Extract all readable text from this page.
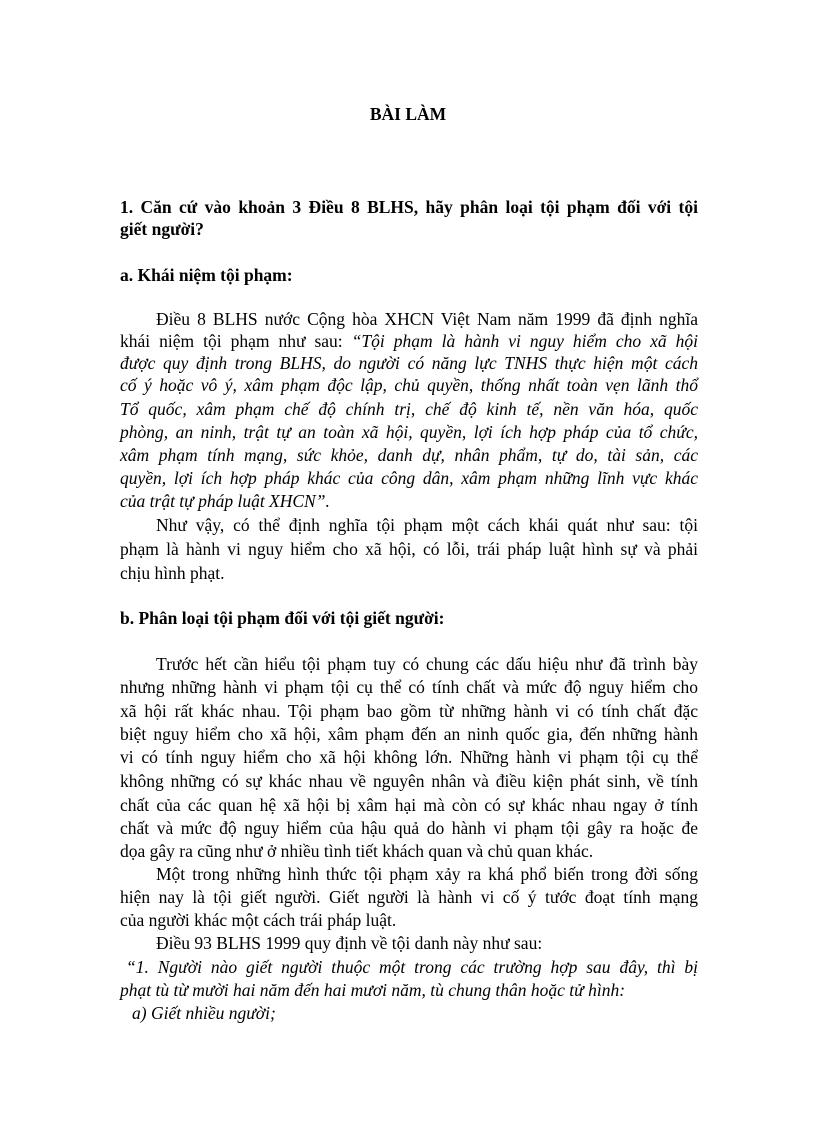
BÀI LÀM
1. Căn cứ vào khoản 3 Điều 8 BLHS, hãy phân loại tội phạm đối với tội
giết người?
a. Khái niệm tội phạm:
Điều 8 BLHS nước Cộng hòa XHCN Việt Nam năm 1999 đã định nghĩa
khái niệm tội phạm như sau: “Tội phạm là hành vi nguy hiểm cho xã hội
được quy định trong BLHS, do người có năng lực TNHS thực hiện một cách
cố ý hoặc vô ý, xâm phạm độc lập, chủ quyền, thống nhất toàn vẹn lãnh thổ
Tổ quốc, xâm phạm chế độ chính trị, chế độ kinh tế, nền văn hóa, quốc
phòng, an ninh, trật tự an toàn xã hội, quyền, lợi ích hợp pháp của tổ chức,
xâm phạm tính mạng, sức khỏe, danh dự, nhân phẩm, tự do, tài sản, các
quyền, lợi ích hợp pháp khác của công dân, xâm phạm những lĩnh vực khác
của trật tự pháp luật XHCN”.
Như vậy, có thể định nghĩa tội phạm một cách khái quát như sau: tội
phạm là hành vi nguy hiểm cho xã hội, có lỗi, trái pháp luật hình sự và phải
chịu hình phạt.
b. Phân loại tội phạm đối với tội giết người:
Trước hết cần hiểu tội phạm tuy có chung các dấu hiệu như đã trình bày
nhưng những hành vi phạm tội cụ thể có tính chất và mức độ nguy hiểm cho
xã hội rất khác nhau. Tội phạm bao gồm từ những hành vi có tính chất đặc
biệt nguy hiểm cho xã hội, xâm phạm đến an ninh quốc gia, đến những hành
vi có tính nguy hiểm cho xã hội không lớn. Những hành vi phạm tội cụ thể
không những có sự khác nhau về nguyên nhân và điều kiện phát sinh, về tính
chất của các quan hệ xã hội bị xâm hại mà còn có sự khác nhau ngay ở tính
chất và mức độ nguy hiểm của hậu quả do hành vi phạm tội gây ra hoặc đe
dọa gây ra cũng như ở nhiều tình tiết khách quan và chủ quan khác.
Một trong những hình thức tội phạm xảy ra khá phổ biến trong đời sống
hiện nay là tội giết người. Giết người là hành vi cố ý tước đoạt tính mạng
của người khác một cách trái pháp luật.
Điều 93 BLHS 1999 quy định về tội danh này như sau:
“1. Người nào giết người thuộc một trong các trường hợp sau đây, thì bị
phạt tù từ mười hai năm đến hai mươi năm, tù chung thân hoặc tử hình:
a) Giết nhiều người;
